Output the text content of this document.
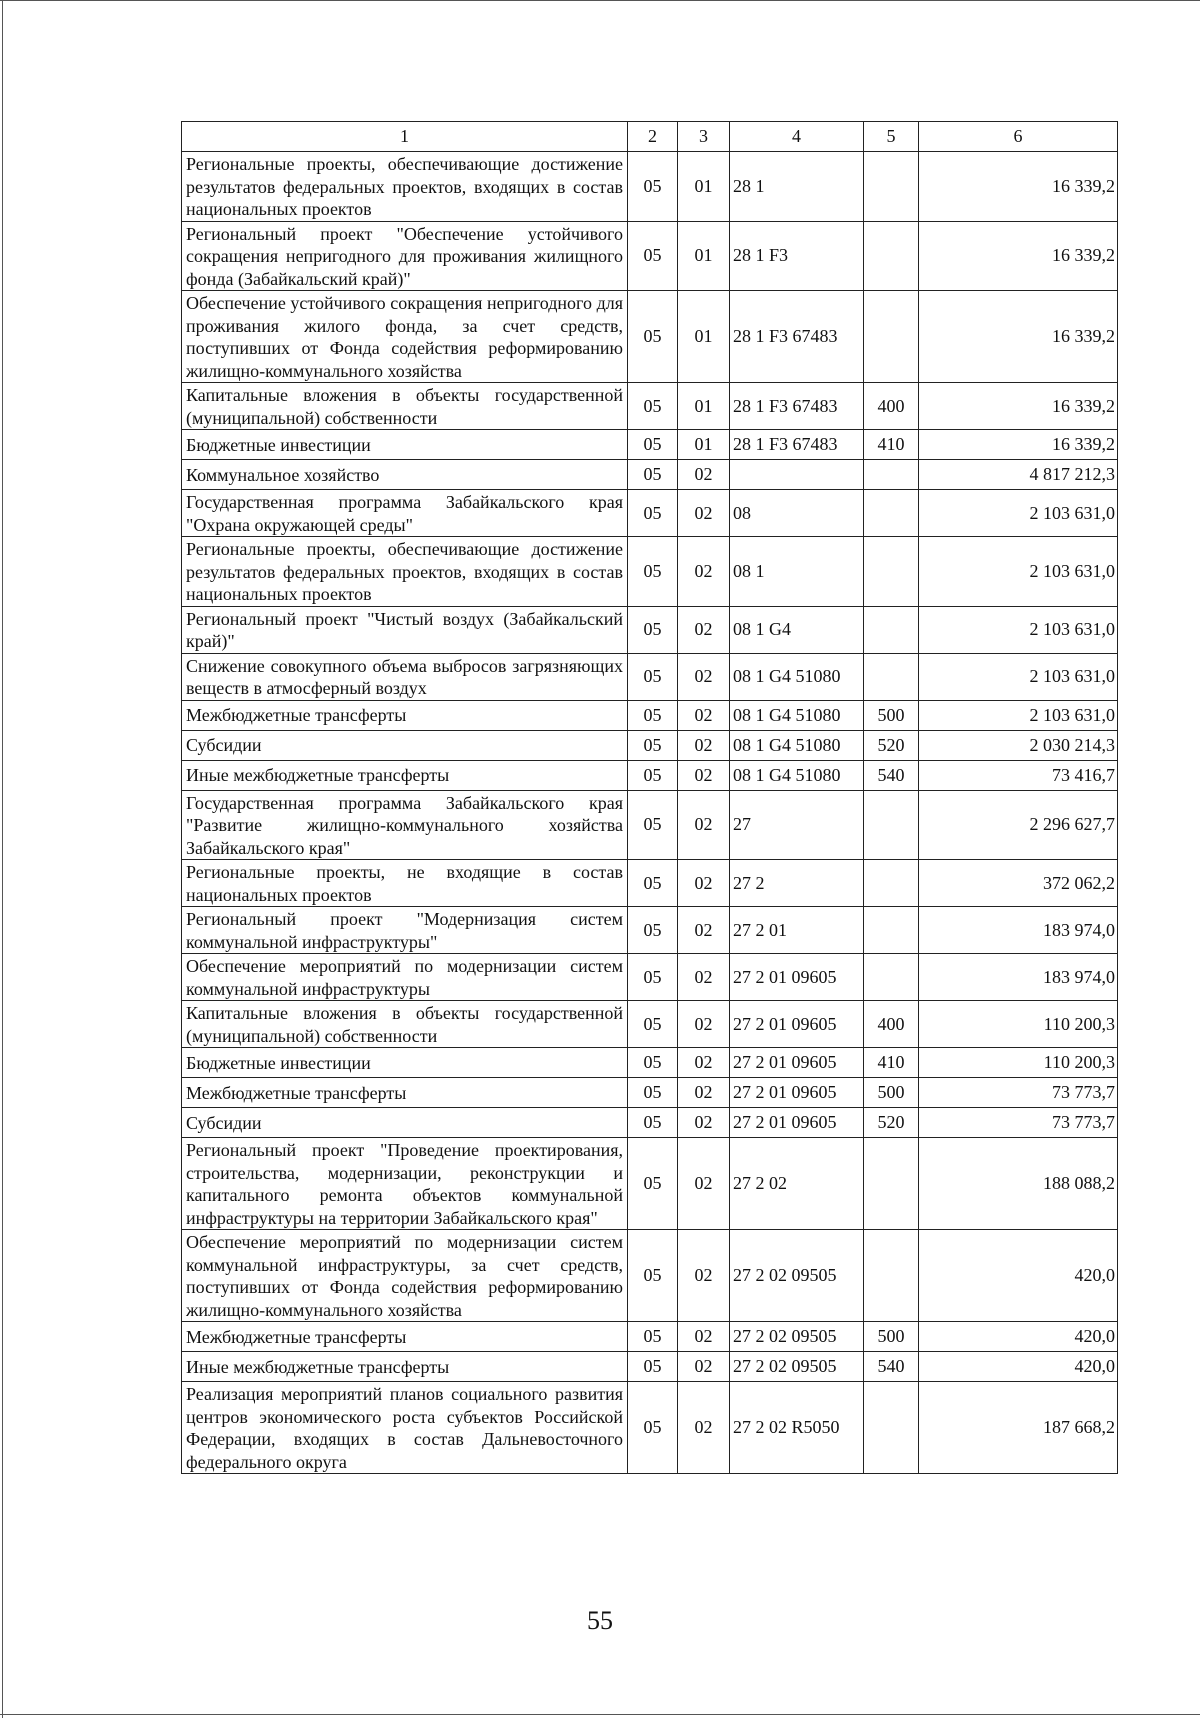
1	2	3	4	5	6
Региональные проекты, обеспечивающие достижение результатов федеральных проектов, входящих в состав национальных проектов	05	01	28 1		16 339,2
Региональный проект "Обеспечение устойчивого сокращения непригодного для проживания жилищного фонда (Забайкальский край)"	05	01	28 1 F3		16 339,2
Обеспечение устойчивого сокращения непригодного для проживания жилого фонда, за счет средств, поступивших от Фонда содействия реформированию жилищно-коммунального хозяйства	05	01	28 1 F3 67483		16 339,2
Капитальные вложения в объекты государственной (муниципальной) собственности	05	01	28 1 F3 67483	400	16 339,2
Бюджетные инвестиции	05	01	28 1 F3 67483	410	16 339,2
Коммунальное хозяйство	05	02			4 817 212,3
Государственная программа Забайкальского края "Охрана окружающей среды"	05	02	08		2 103 631,0
Региональные проекты, обеспечивающие достижение результатов федеральных проектов, входящих в состав национальных проектов	05	02	08 1		2 103 631,0
Региональный проект "Чистый воздух (Забайкальский край)"	05	02	08 1 G4		2 103 631,0
Снижение совокупного объема выбросов загрязняющих веществ в атмосферный воздух	05	02	08 1 G4 51080		2 103 631,0
Межбюджетные трансферты	05	02	08 1 G4 51080	500	2 103 631,0
Субсидии	05	02	08 1 G4 51080	520	2 030 214,3
Иные межбюджетные трансферты	05	02	08 1 G4 51080	540	73 416,7
Государственная программа Забайкальского края "Развитие жилищно-коммунального хозяйства Забайкальского края"	05	02	27		2 296 627,7
Региональные проекты, не входящие в состав национальных проектов	05	02	27 2		372 062,2
Региональный проект "Модернизация систем коммунальной инфраструктуры"	05	02	27 2 01		183 974,0
Обеспечение мероприятий по модернизации систем коммунальной инфраструктуры	05	02	27 2 01 09605		183 974,0
Капитальные вложения в объекты государственной (муниципальной) собственности	05	02	27 2 01 09605	400	110 200,3
Бюджетные инвестиции	05	02	27 2 01 09605	410	110 200,3
Межбюджетные трансферты	05	02	27 2 01 09605	500	73 773,7
Субсидии	05	02	27 2 01 09605	520	73 773,7
Региональный проект "Проведение проектирования, строительства, модернизации, реконструкции и капитального ремонта объектов коммунальной инфраструктуры на территории Забайкальского края"	05	02	27 2 02		188 088,2
Обеспечение мероприятий по модернизации систем коммунальной инфраструктуры, за счет средств, поступивших от Фонда содействия реформированию жилищно-коммунального хозяйства	05	02	27 2 02 09505		420,0
Межбюджетные трансферты	05	02	27 2 02 09505	500	420,0
Иные межбюджетные трансферты	05	02	27 2 02 09505	540	420,0
Реализация мероприятий планов социального развития центров экономического роста субъектов Российской Федерации, входящих в состав Дальневосточного федерального округа	05	02	27 2 02 R5050		187 668,2
55
